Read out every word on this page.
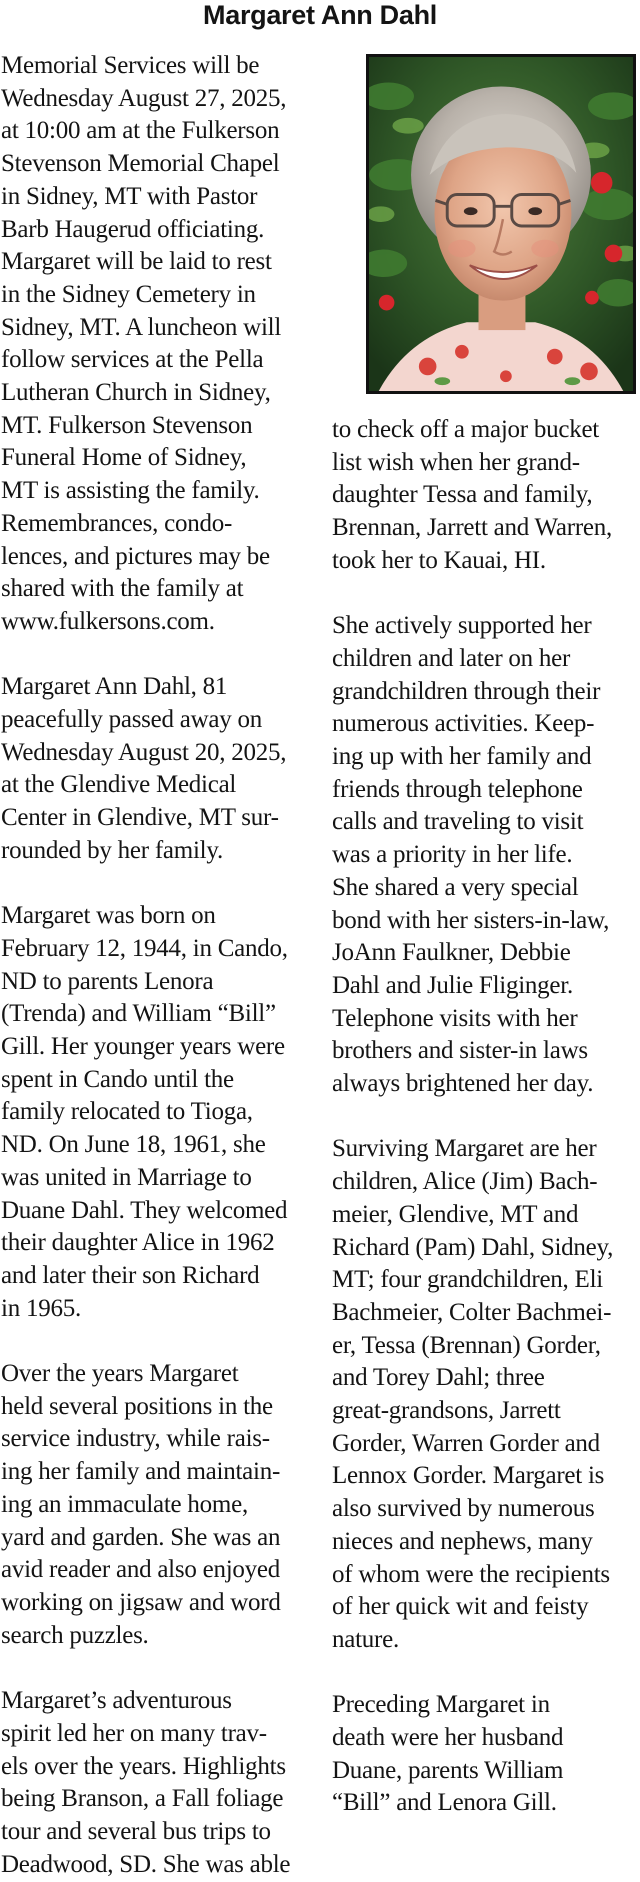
Margaret Ann Dahl

Memorial Services will be
Wednesday August 27, 2025,
at 10:00 am at the Fulkerson
Stevenson Memorial Chapel
in Sidney, MT with Pastor
Barb Haugerud officiating.
Margaret will be laid to rest
in the Sidney Cemetery in
Sidney, MT. A luncheon will
follow services at the Pella
Lutheran Church in Sidney,
MT. Fulkerson Stevenson
Funeral Home of Sidney,
MT is assisting the family.
Remembrances, condo-
lences, and pictures may be
shared with the family at
www.fulkersons.com.

Margaret Ann Dahl, 81
peacefully passed away on
Wednesday August 20, 2025,
at the Glendive Medical
Center in Glendive, MT sur-
rounded by her family.

Margaret was born on
February 12, 1944, in Cando,
ND to parents Lenora
(Trenda) and William “Bill”
Gill. Her younger years were
spent in Cando until the
family relocated to Tioga,
ND. On June 18, 1961, she
was united in Marriage to
Duane Dahl. They welcomed
their daughter Alice in 1962
and later their son Richard
in 1965.

Over the years Margaret
held several positions in the
service industry, while rais-
ing her family and maintain-
ing an immaculate home,
yard and garden. She was an
avid reader and also enjoyed
working on jigsaw and word
search puzzles.

Margaret’s adventurous
spirit led her on many trav-
els over the years. Highlights
being Branson, a Fall foliage
tour and several bus trips to
Deadwood, SD. She was able

to check off a major bucket
list wish when her grand-
daughter Tessa and family,
Brennan, Jarrett and Warren,
took her to Kauai, HI.

She actively supported her
children and later on her
grandchildren through their
numerous activities. Keep-
ing up with her family and
friends through telephone
calls and traveling to visit
was a priority in her life.
She shared a very special
bond with her sisters-in-law,
JoAnn Faulkner, Debbie
Dahl and Julie Fliginger.
Telephone visits with her
brothers and sister-in laws
always brightened her day.

Surviving Margaret are her
children, Alice (Jim) Bach-
meier, Glendive, MT and
Richard (Pam) Dahl, Sidney,
MT; four grandchildren, Eli
Bachmeier, Colter Bachmei-
er, Tessa (Brennan) Gorder,
and Torey Dahl; three
great-grandsons, Jarrett
Gorder, Warren Gorder and
Lennox Gorder. Margaret is
also survived by numerous
nieces and nephews, many
of whom were the recipients
of her quick wit and feisty
nature.

Preceding Margaret in
death were her husband
Duane, parents William
“Bill” and Lenora Gill.
